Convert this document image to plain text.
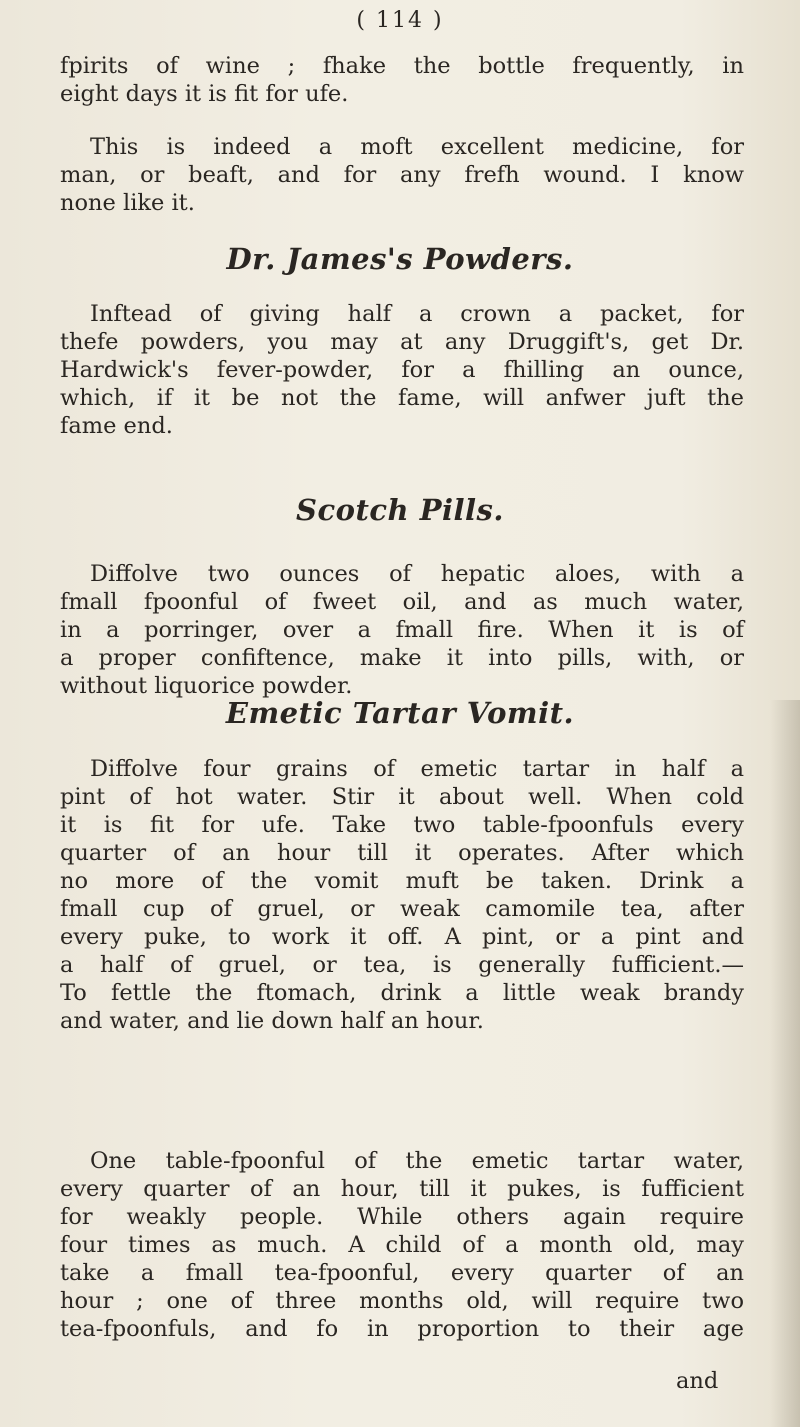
( 114 )
fpirits of wine ; fhake the bottle frequently, in
eight days it is fit for ufe.
This is indeed a moft excellent medicine, for
man, or beaft, and for any frefh wound. I know
none like it.
Dr. James's Powders.
Inftead of giving half a crown a packet, for
thefe powders, you may at any Druggift's, get Dr.
Hardwick's fever-powder, for a fhilling an ounce,
which, if it be not the fame, will anfwer juft the
fame end.
Scotch Pills.
Diffolve two ounces of hepatic aloes, with a
fmall fpoonful of fweet oil, and as much water,
in a porringer, over a fmall fire. When it is of
a proper confiftence, make it into pills, with, or
without liquorice powder.
Emetic Tartar Vomit.
Diffolve four grains of emetic tartar in half a
pint of hot water. Stir it about well. When cold
it is fit for ufe. Take two table-fpoonfuls every
quarter of an hour till it operates. After which
no more of the vomit muft be taken. Drink a
fmall cup of gruel, or weak camomile tea, after
every puke, to work it off. A pint, or a pint and
a half of gruel, or tea, is generally fufficient.—
To fettle the ftomach, drink a little weak brandy
and water, and lie down half an hour.
One table-fpoonful of the emetic tartar water,
every quarter of an hour, till it pukes, is fufficient
for weakly people. While others again require
four times as much. A child of a month old, may
take a fmall tea-fpoonful, every quarter of an
hour ; one of three months old, will require two
tea-fpoonfuls, and fo in proportion to their age
and
